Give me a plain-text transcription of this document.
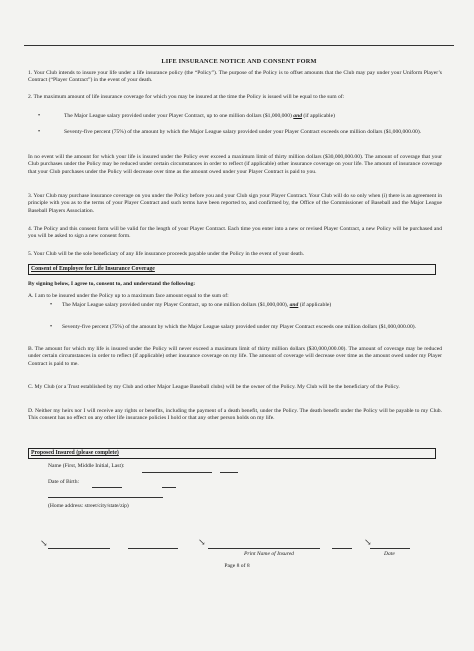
LIFE INSURANCE NOTICE AND CONSENT FORM
1. Your Club intends to insure your life under a life insurance policy (the “Policy”). The purpose of the Policy is to offset amounts that the Club may pay under your Uniform Player’s Contract (“Player Contract”) in the event of your death.
2. The maximum amount of life insurance coverage for which you may be insured at the time the Policy is issued will be equal to the sum of:
•	The Major League salary provided under your Player Contract, up to one million dollars ($1,000,000) and (if applicable)
•	Seventy-five percent (75%) of the amount by which the Major League salary provided under your Player Contract exceeds one million dollars ($1,000,000.00).
In no event will the amount for which your life is insured under the Policy ever exceed a maximum limit of thirty million dollars ($30,000,000.00). The amount of coverage that your Club purchases under the Policy may be reduced under certain circumstances in order to reflect (if applicable) other insurance coverage on your life. The amount of insurance coverage that your Club purchases under the Policy will decrease over time as the amount owed under your Player Contract is paid to you.
3. Your Club may purchase insurance coverage on you under the Policy before you and your Club sign your Player Contract. Your Club will do so only when (i) there is an agreement in principle with you as to the terms of your Player Contract and such terms have been reported to, and confirmed by, the Office of the Commissioner of Baseball and the Major League Baseball Players Association.
4. The Policy and this consent form will be valid for the length of your Player Contract. Each time you enter into a new or revised Player Contract, a new Policy will be purchased and you will be asked to sign a new consent form.
5. Your Club will be the sole beneficiary of any life insurance proceeds payable under the Policy in the event of your death.
Consent of Employee for Life Insurance Coverage
By signing below, I agree to, consent to, and understand the following:
A. I am to be insured under the Policy up to a maximum face amount equal to the sum of:
• The Major League salary provided under my Player Contract, up to one million dollars ($1,000,000), and (if applicable)
• Seventy-five percent (75%) of the amount by which the Major League salary provided under my Player Contract exceeds one million dollars ($1,000,000.00).
B. The amount for which my life is insured under the Policy will never exceed a maximum limit of thirty million dollars ($30,000,000.00). The amount of coverage may be reduced under certain circumstances in order to reflect (if applicable) other insurance coverage on my life. The amount of coverage will decrease over time as the amount owed under my Player Contract is paid to me.
C. My Club (or a Trust established by my Club and other Major League Baseball clubs) will be the owner of the Policy. My Club will be the beneficiary of the Policy.
D. Neither my heirs nor I will receive any rights or benefits, including the payment of a death benefit, under the Policy. The death benefit under the Policy will be payable to my Club. This consent has no effect on any other life insurance policies I hold or that any other person holds on my life.
Proposed Insured (please complete)
Name (First, Middle Initial, Last):
Date of Birth:
(Home address: street/city/state/zip)
↘	↘	↘
Print Name of Insured	Date
Page 8 of 8
